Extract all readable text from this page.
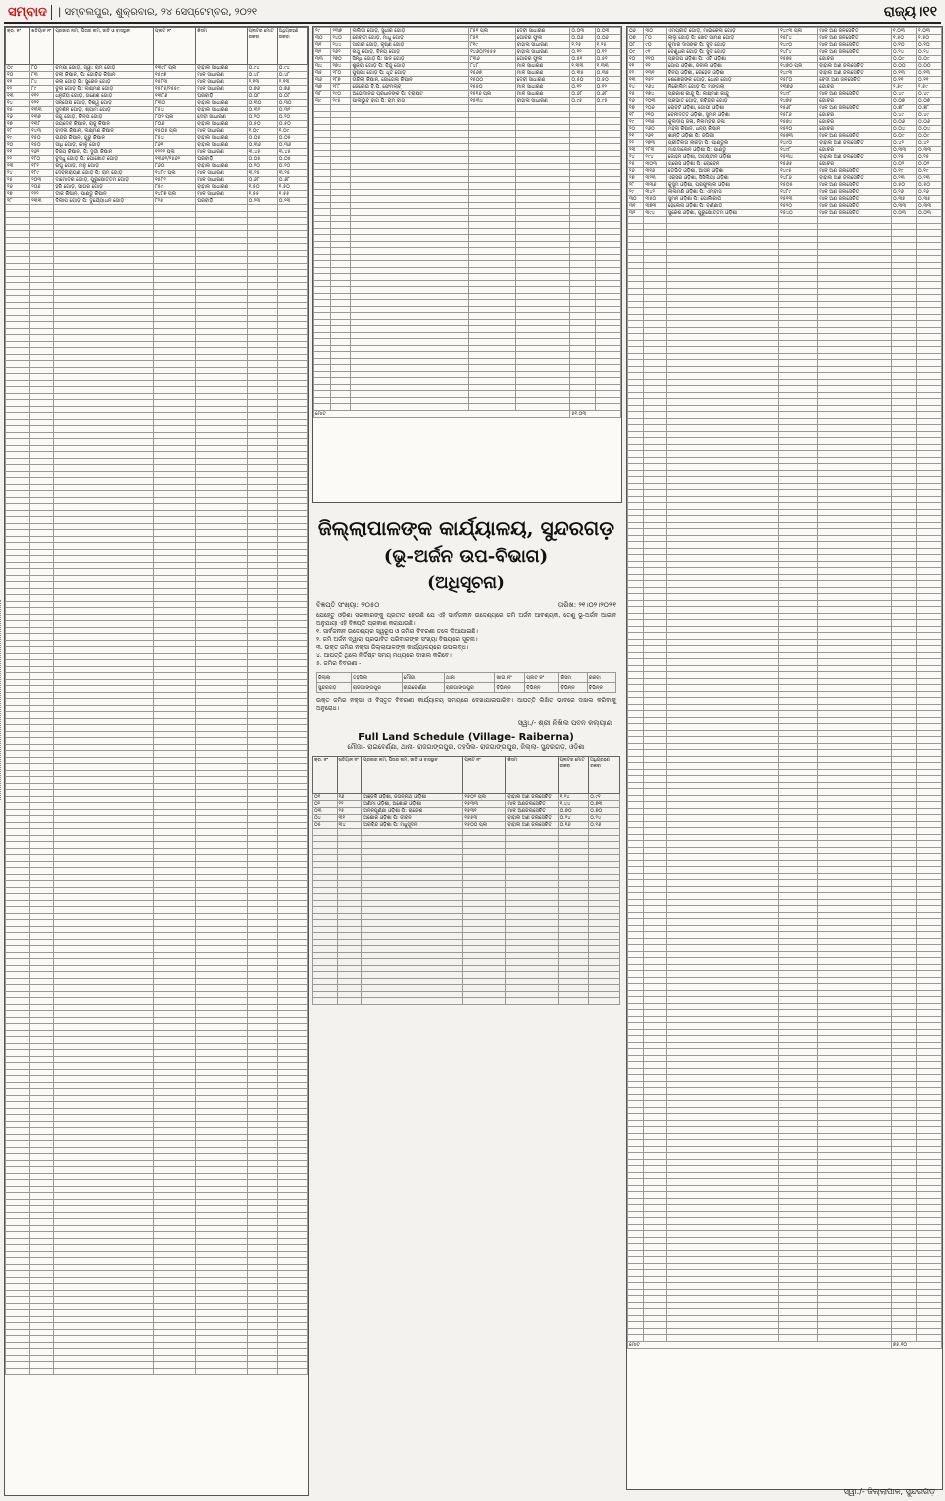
ସମ୍ବାଦ	| ସମ୍ବଲପୁର, ଶୁକ୍ରବାର, ୨୪ ସେପ୍ଟେମ୍ବର, ୨୦୨୧	ରାଜ୍ୟ।୧୧
କ୍ର. ନଂ	ଖତିୟାନ ନଂ	ପ୍ରଜାର ନାମ, ପିତାର ନାମ, ଜାତି ଓ ବାସସ୍ଥାନ	ପ୍ଲଟ ନଂ	କିସମ	ପ୍ଲଟର ମୋଟ ରକବା	ଅଧିଗ୍ରହଣ ରକବା
୦୯	୮୦	ଚମ୍ପା ଗୋଡ଼, ସ୍ୱା: ରାମ ଗୋଡ଼	୧୩୯୮ ପ୍ଲ	ବାହାଲ ସାଧାରଣ	୦.୯୪	୦.୯୪
୧୦	୮୩	ବଳୀ କିଷାନ, ପି: ଗୋବିନ୍ଦ କିଷାନ	୧୫୯୭	ମାଳ ସାଧାରଣ	୦.୪୮	୦.୪୮
୧୧	୮୪	କଲା ଗୋଡ଼ ପି: ସୁରେନ ଗୋଡ଼	୧୫୮୩	ମାଳ ସାଧାରଣ	୨.୧୩	୨.୧୩
୧୨	୮୯	ବୁଲା ଗୋଡ଼ ପି: ଲକ୍ଷ୍ମଣ ଗୋଡ଼	୧୫୮୫/୨୫୫୯	ମାଳ ସାଧାରଣ	୦.୭୬	୦.୭୬
୧୩	୧୧୨	ଧନୁର୍ଜୟ ଗୋଡ଼, ଗଣେଶ ଗୋଡ଼	୧୩୮୬	ଘରବାଡ଼ି	୦.୦୮	୦.୦୮
୧୪	୧୨୧	ସନ୍ତୋଷ ଗୋଡ଼, ବିଶ୍ୱ ଗୋଡ଼	୮୩୦	ବାହାଲ ସାଧାରଣ	୦.୩୦	୦.୩୦
୧୫	୧୩୩	ସୁଦର୍ଶନ ଗୋଡ଼, ଶ୍ୟାମ ଗୋଡ଼	୮୫୪	ବାହାଲ ସାଧାରଣ	୦.୩୨	୦.୩୨
୧୬	୧୩୭	ଜଗୁ ଗୋଡ଼, ଚିନ୍ତା ଗୋଡ଼	୮୦୨ ପ୍ଲ	ଦେବୀ ସାଧାରଣ	୦.୨୦	୦.୨୦
୧୭	୧୩୮	ଜୟଦେବ କିଷାନ, ରାଜୁ କିଷାନ	୮୦୬	ବାହାଲ ସାଧାରଣ	୦.୫୦	୦.୫୦
୧୮	୧୪୩	ବାଦଲ କିଷାନ, ଲକ୍ଷ୍ମଣ କିଷାନ	୧୫୦୫ ପ୍ଲ	ମାଳ ସାଧାରଣ	୧.୦୯	୧.୦୯
୧୯	୧୫୦	ଇନ୍ଦ୍ର କିଷାନ, ଗୁରୁ କିଷାନ	୮୫୪	ବାହାଲ ସାଧାରଣ	୦.୦୫	୦.୦୫
୨୦	୧୫୦	ସାଧି ଗୋଡ଼, କାଳୁ ଗୋଡ଼	୮୬୧	ବାହାଲ ସାଧାରଣ	୦.୩୬	୦.୩୬
୨୧	୧୬୨	ବିଜୟ କିଷାନ, ପି: ଦୁର୍ଗା କିଷାନ	୧୨୨୨ ପ୍ଲ	ମାଳ ସାଧାରଣ	୩.୪୫	୩.୪୫
୨୨	୧୮୦	ବୁଦ୍ଧୁ ଗୋଡ଼ ପି: ପୋଖୋତ ଗୋଡ଼	୧୩୬୨/୨୫୬୨	ଘରବାଡ଼ି	୦.୦୫	୦.୦୫
୨୩	୧୮୨	ରଘୁ ଗୋଡ଼, ମନୁ ଗୋଡ଼	୮୬୦	ବାହାଲ ସାଧାରଣ	୦.୨୦	୦.୨୦
୨୪	୧୮୯	ଦେବନାରାୟଣ ଗୋଡ଼ ପି: ରାମ ଗୋଡ଼	୧୪୮୯ ପ୍ଲ	ମାଳ ସାଧାରଣ	୩.୨୫	୩.୨୫
୨୫	୨୦୩	ଦାମୋଦର ଗୋଡ଼, ପୁରୁଷୋତ୍ତମ ଗୋଡ଼	୧୫୮୨	ମାଳ ସାଧାରଣ	୦.୬୮	୦.୬୮
୨୬	୨୦୬	ହରି ଗୋଡ଼, ସାଗର ଗୋଡ଼	୮୫୯	ବାହାଲ ସାଧାରଣ	୧.୫୦	୧.୫୦
୨୭	୨୨୨	ଡାକ କିଷାନ, ପାଣ୍ଡୁ କିଷାନ	୧୪୮୭ ପ୍ଲ	ମାଳ ସାଧାରଣ	୧.୫୫	୧.୫୫
୨୮	୨୩୩	ଦିଲୀପ ଗୋଡ଼ ପି: ଦୁର୍ଯ୍ୟୋଧନ ଗୋଡ଼	୮୨୫	ଘରବାଡ଼ି	୦.୨୩	୦.୨୩

୨୯	୨୩୭	ଲଲିତା ଗୋଡ଼, ସୁଧୀର ଗୋଡ଼	୮୫୧ ପ୍ଲ	ଦେବୀ ସାଧାରଣ	୦.୦୩	୦.୦୩
୩୦	୨୪୦	ରେବତୀ ଗୋଡ଼, ମାଧୁ ଗୋଡ଼	୮୫୧	ଗୋଚର ଫୁଲ	୦.୦୬	୦.୦୬
୩୧	୨୪୪	ସାଗର ଗୋଡ଼, କୃଷ୍ଣ ଗୋଡ଼	୮୧୯	ବାହାଲ ସାଧାରଣ	୧.୨୫	୧.୨୫
୩୨	୨୬୨	ନାଥୁ ଗୋଡ଼, ବିନୟ ଗୋଡ଼	୧୪୬୦/୨୫୫୫	ବାହାଲ ସାଧାରଣ	୦.୧୨	୦.୧୨
୩୩	୨୭୦	ସିନ୍ଧି ଗୋଡ଼ ପି: ସାନ ଗୋଡ଼	୮୩୬	ଗୋଚର ଫୁଲ	୦.୫୧	୦.୫୧
୩୪	୨୭୪	ଶୁକ୍ରା ଗୋଡ଼ ପି: ବିନ୍ଦୁ ଗୋଡ଼	୮୪୮	ମାଳ ସାଧାରଣ	୧.୩୩	୧.୩୩
୩୫	୨୮୦	ପୁଷ୍ପା ଗୋଡ଼ ପି: ଧୃତ ଗୋଡ଼	୧୫୬୭	ମାଳ ସାଧାରଣ	୦.୩୫	୦.୩୫
୩୬	୨୮୭	ଉଚ୍ଚିଲା କିଷାନ, ଜୋଗେଲ୍ କିଷାନ	୧୫୦୦	ଦେବୀ ସାଧାରଣ	୦.୫୦	୦.୫୦
୩୭	୨୮୮	ଜେରେଇ ବି.ପି. ଫେମଲାବ୍	୧୫୫୦	ମାଳ ସାଧାରଣ	୦.୧୨	୦.୧୨
୩୮	୨୯୦	ଅଭେଦାନନ୍ଦ ପ୍ରଧାନଙ୍କ ପି: ଟ୍ରାଷ୍ଟ	୧୫୧୬ ପ୍ଲ	ମାଳ ସାଧାରଣ	୦.୬୮	୦.୬୮
୩୯	୨୯୫	ପାଲଭୁବ ବାଗ ପି: ରାମ ବାଗ	୧୫୩୪	ବାହାଲ ସାଧାରଣ	୦.୯୫	୦.୯୫

ମୋଟ					୫୧.୦୩	
ଜିଲ୍ଲାପାଳଙ୍କ କାର୍ଯ୍ୟାଳୟ, ସୁନ୍ଦରଗଡ଼
(ଭୂ-ଅର୍ଜନ ଉପ-ବିଭାଗ)
(ଅଧିସୂଚନା)
ବିଜ୍ଞପ୍ତି ସଂଖ୍ୟା: ୨୦୫୦	ତାରିଖ: ୨୧।୦୨।୨୦୨୧
ଯେହେତୁ ଓଡ଼ିଶା ସରକାରଙ୍କୁ ପ୍ରତୀତ ହେଉଛି ଯେ ଏହି ସାର୍ବଜନୀନ ଉଦ୍ଦେଶ୍ୟରେ ଜମି ଅର୍ଜନ ଆବଶ୍ୟକ, ତେଣୁ ଭୂ-ଅର୍ଜନ ଆଇନ ଅନୁଯାୟୀ ଏହି ବିଜ୍ଞପ୍ତି ପ୍ରକାଶ କରାଯାଉଛି।
୧. ସାର୍ବଜନୀନ ଉଦ୍ଦେଶ୍ୟର ସ୍ୱରୂପ ଓ ଜମିର ବିବରଣୀ ତଳେ ଦିଆଯାଇଛି।
୨. ଜମି ଅର୍ଜନ ଦ୍ୱାରା ପ୍ରଭାବିତ ପରିବାରଙ୍କ ସଂଖ୍ୟା ବିଷୟରେ ସୂଚନା।
୩. ଉକ୍ତ ଜମିର ନକ୍ସା ଜିଲ୍ଲାପାଳଙ୍କ କାର୍ଯ୍ୟାଳୟରେ ଉପଲବ୍ଧ।
୪. ଆପତ୍ତି ଥିଲେ ନିର୍ଦ୍ଦିଷ୍ଟ ସମୟ ମଧ୍ୟରେ ଦାଖଲ କରିବେ।
୫. ଜମିର ବିବରଣୀ -
ଜିଲ୍ଲା	ତହସିଲ	ମୌଜା	ଥାନା	ଖାତା ନଂ	ପ୍ଲଟ ନଂ	କିସମ	ରକବା
ସୁନ୍ଦରଗଡ଼	ରାଜଗାଙ୍ଗପୁର	ରାଇବେର୍ଣ୍ଣା	ରାଜଗାଙ୍ଗପୁର	ବିଭିନ୍ନ	ବିଭିନ୍ନ	ବିଭିନ୍ନ	ବିଭିନ୍ନ
ଉକ୍ତ ଜମିର ନକ୍ସା ଓ ବିସ୍ତୃତ ବିବରଣୀ କାର୍ଯ୍ୟାଳୟ ସମୟରେ ଦେଖାଯାଇପାରିବ। ଆପତ୍ତି ଲିଖିତ ଭାବରେ ଦାଖଲ କରିବାକୁ ଅନୁରୋଧ।
ସ୍ୱା./- ଶ୍ରୀ ନିଖିଲ ପବନ କଲ୍ୟାଣ
Full Land Schedule (Village- Raiberna)
ମୌଜା- ରାଇବେର୍ଣ୍ଣା, ଥାନା- ରାଜଗାଙ୍ଗପୁର, ତହସିଲ- ରାଜଗାଙ୍ଗପୁର, ଜିଲ୍ଲା- ସୁନ୍ଦରଗଡ଼, ଓଡ଼ିଶା
କ୍ର. ନଂ	ଖତିୟାନ ନଂ	ପ୍ରଜାର ନାମ, ପିତାର ନାମ, ଜାତି ଓ ବାସସ୍ଥାନ	ପ୍ଲଟ ନଂ	କିସମ	ପ୍ଲଟର ମୋଟ ରକବା	ଅଧିଗ୍ରହଣ ରକବା
୦୧	୧୬	ଅଞ୍ଜଳି ଓଡ଼ିଶା, ଜଗନ୍ନାଥ ଓଡ଼ିଶା	୧୫୦୨ ପ୍ଲ	ବାହାଲ ଅଣ ଜଲସେଚିତ	୧.୨୪	୦.୯୧
୦୨	୨୨	ଅଣିମା ଓଡ଼ିଶା, ଅଶୋକ ଓଡ଼ିଶା	୧୫୩୩	ମାଳ ଅଣଜଲସେଚିତ	୧.୪୪	୦.୭୩
୦୩	୨୫	ଅନ୍ନପୂର୍ଣ୍ଣା ଓଡ଼ିଶା ପି: ରାଜେଶ	୧୫୩୧	ମାଳ ଅଣଜଲସେଚିତ	୦.୭୦	୦.୭୦
୦୪	୩୧	ଅଶୋକ ଓଡ଼ିଶା ପି: ଜୀବନ	୧୫୫୩	ବାହାଲ ଅଣ ଜଲସେଚିତ	୦.୨୪	୦.୨୪
୦୫	୩୪	ଅରବିନ୍ଦ ଓଡ଼ିଶା ପି: ମଧୁସୂଦନ	୧୫୦୦ ପ୍ଲ	ବାହାଲ ଅଣ ଜଲସେଚିତ	୦.୧୬	୦.୧୬

୦୬	୩୦	ଏମପ୍ରୀତ ଗୋଡ଼, ମାଇକେଲ ଗୋଡ଼	୧୪୯୩ ପ୍ଲ	ମାଳ ଅଣ ଜଳସେଚିତ	୧.୦୩	୧.୦୩
୦୭	୮୦	ଲାଲୁ ଗୋଡ଼ ପି: ଖେଟ ସାମଣ ଗୋଡ଼	୧୫୮୪	ମାଳ ଅଣ ଜଳସେଚିତ	୧.୫୦	୧.୫୦
୦୮	୯୦	କୁମାର ଦାସଙ୍କ ପି: ସୁଦ ଗୋଡ଼	୧୪୯୦	ମାଳ ଅଣ ଜଲସେଚିତ	୦.୧୦	୦.୧୦
୦୯	୯୧	ବେଣୁଧର ଗୋଡ଼ ପି: ସୁଦ ଗୋଡ଼	୧୪୮୪	ମାଳ ଅଣ ଜଲସେଚିତ	୦.୨୪	୦.୨୪
୧୦	୧୧୦	ପ୍ରତାପ ଓଡ଼ିଶା ପି: ଏଟି ଓଡ଼ିଶା	୧୫୭୫	ଗୋଚର	୦.୦୯	୦.୦୯
୧୧	୧୧	ଗୋପ ଓଡ଼ିଶା, ଜନୀଲ ଓଡ଼ିଶା	୧୪୭୦ ପ୍ଲ	ବାହାଲ ଅଣ ଜଲସେଚିତ	୦.୦୦	୦.୦୦
୧୨	୧୩୧	ବିନୟ ଓଡ଼ିଶା, ରେହେନ ଓଡ଼ିଶା	୧୪୯୩	ବାହାଲ ଅଣ ଜଲସେଚିତ	୦.୧୩	୦.୧୩
୧୩	୧୫୨	ଶେଖେରଙ୍କ ଗୋଡ଼, ଧୋର ଗୋଡ଼	୧୫୮୦	ବେଦୀ ଅଣ ଜଳସେଚିତ	୦.୧୧	୦.୧୧
୧୪	୧୬୪	ନିକୋଲିମ ଗୋଡ଼ ପି: ମଙ୍ଗଲା	୧୩୭୬	ଗୋଚର	୨.୫୯	୨.୫୯
୧୫	୧୭୪	ପ୍ରକାଶ କାନ୍ଦୁ ପି: ଲକ୍ଷ୍ମଣ କାନ୍ଦୁ	୧୪୯୮	ମାଳ ଅଣ ଜଲସେଚିତ	୦.୪୯	୦.୪୯
୧୬	୨୦୩	ପ୍ରଭାତ ଗୋଡ଼, ରବିନ୍ଦ୍ର ଗୋଡ଼	୧୪୭୫	ଗୋଚର	୦.୦୭	୦.୦୭
୧୭	୨୦୬	ରୋବର୍ଟ ଓଡ଼ିଶା, ଗୋପୀ ଓଡ଼ିଶା	୧୫୬୮	ମାଳ ଅଣ ଜଲସେଚିତ	୦.୭୮	୦.୭୮
୧୮	୨୧୦	ବେନୀଦତ୍ତ ଓଡ଼ିଶା, ସୁମନ ଓଡ଼ିଶା	୧୫୮୬	ଗୋଚର	୦.୪୯	୦.୪୯
୧୯	୨୩୫	କୁଲଦୀପ ଜଳା, ନିଲମ୍ବର ଜଳା	୧୫୭୪	ଗୋଚର	୦.୦୬	୦.୦୬
୨୦	୨୬୦	ମହଲା କିଷାନ, ଧନ୍ୟ କିଷାନ	୧୫୧୦	ଗୋଚର	୦.୦୪	୦.୦୪
୨୧	୨୬୧	ଶାନ୍ତି ଓଡ଼ିଶା ପି: ଜଗିରୀ	୧୫୭୩	ମାଳ ଅଣ ଜଲସେଚିତ	୦.୦୯	୦.୦୯
୨୨	୨୭୩	ପ୍ରୀତିଲତା ଲାକଡ଼ା ପି: ପାଣ୍ଡୁଲ	୧୪୯୦	ବାହାଲ ଅଣ ଜଲସେଚିତ	୦.୪୨	୦.୪୨
୨୩	୨୮୩	ମାଗଦାଲେନ ଓଡ଼ିଶା ପି: ପାଣ୍ଡୁ	୧୪୯୮	ଗୋଚର	୦.୩୩	୦.୩୩
୨୪	୨୯୪	ଜୋହନ ଓଡ଼ିଶା, ଅଗଷ୍ଟୀନ ଓଡ଼ିଶା	୧୫୩୪	ବାହାଲ ଅଣ ଜଲସେଚିତ	୦.୨୫	୦.୨୫
୨୫	୩୦୩	ଗ୍ରେସ ଓଡ଼ିଶା ପି: ରୋବେନ	୧୫୬୫	ଗୋଚର	୦.୦୨	୦.୦୨
୨୬	୩୧୬	ଡେଭିଡ ଓଡ଼ିଶା, ଆସନ ଓଡ଼ିଶା	୧୪୯୫	ମାଳ ଅଣ ଜଲସେଚିତ	୦.୧୯	୦.୧୯
୨୭	୩୨୩	ଏକ୍ସର ଓଡ଼ିଶା, ସିସିଲିୟା ଓଡ଼ିଶା	୧୪୮୬	ବାହାଲ ଅଣ ଜଲସେଚିତ	୦.୨୩	୦.୨୩
୨୮	୩୩୬	କୁସୁମ ଓଡ଼ିଶା, ପ୍ରଫୁଲ୍ଲ ଓଡ଼ିଶା	୧୫୦୫	ମାଳ ଅଣ ଜଲସେଚିତ	୦.୫୦	୦.୫୦
୨୯	୩୪୨	ଲାଲମଣି ଓଡ଼ିଶା ପି: ଏମ୍ବାସ	୧୪୮୯	ମାଳ ଅଣ ଜଲସେଚିତ	୦.୨୬	୦.୨୬
୩୦	୩୫୦	ସୁମନ ଓଡ଼ିଶା ପି: ପୋଲିକାର୍ପ	୧୫୧୩	ମାଳ ଅଣ ଜଲସେଚିତ	୦.୩୫	୦.୩୫
୩୧	୩୭୩	ହେଲେନା ଓଡ଼ିଶା ପି: ବର୍ଣ୍ଣାଡ	୧୫୨୦	ମାଳ ଅଣ ଜଲସେଚିତ	୦.୩୩	୦.୩୩
୩୨	୩୯୪	ସୁକେଶ ଓଡ଼ିଶା, ପୁରୁଷୋତ୍ତମ ଓଡ଼ିଶା	୧୫୪୦	ମାଳ ଅଣ ଜଲସେଚିତ	୦.୦୩	୦.୦୩

ମୋଟ					୭୫.୧୦	
ସ୍ୱା./- ଜିଲ୍ଲାପାଳ, ସୁନ୍ଦରଗଡ଼
